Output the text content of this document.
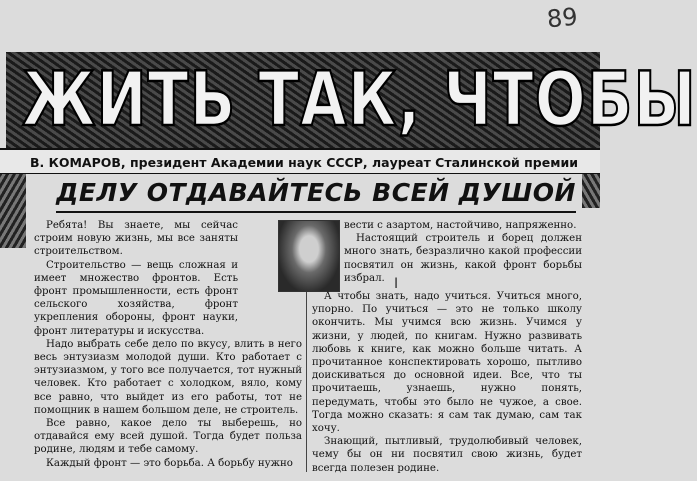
89
ЖИТЬ ТАК, ЧТОБЫ
В. КОМАРОВ, президент Академии наук СССР, лауреат Сталинской премии
ДЕЛУ ОТДАВАЙТЕСЬ ВСЕЙ ДУШОЙ

Ребята! Вы знаете, мы сейчас строим новую жизнь, мы все заняты строительством.

Строительство — вещь сложная и имеет множество фронтов. Есть фронт промышленности, есть фронт сельского хозяйства, фронт укрепления обороны, фронт науки, фронт литературы и искусства.

Надо выбрать себе дело по вкусу, влить в него весь энтузиазм молодой души. Кто работает с энтузиазмом, у того все получается, тот нужный человек. Кто работает с холодком, вяло, кому все равно, что выйдет из его работы, тот не помощник в нашем большом деле, не строитель.

Все равно, какое дело ты выберешь, но отдавайся ему всей душой. Тогда будет польза родине, людям и тебе самому.

Каждый фронт — это борьба. А борьбу нужно

вести с азартом, настойчиво, напряженно.

Настоящий строитель и борец должен много знать, безразлично какой профессии посвятил он жизнь, какой фронт борьбы избрал. I

А чтобы знать, надо учиться. Учиться много, упорно. По учиться — это не только школу окончить. Мы учимся всю жизнь. Учимся у жизни, у людей, по книгам. Нужно развивать любовь к книге, как можно больше читать. А прочитанное конспектировать хорошо, пытливо доискиваться до основной идеи. Все, что ты прочитаешь, узнаешь, нужно понять, передумать, чтобы это было не чужое, а свое. Тогда можно сказать: я сам так думаю, сам так хочу.

Знающий, пытливый, трудолюбивый человек, чему бы он ни посвятил свою жизнь, будет всегда полезен родине.
